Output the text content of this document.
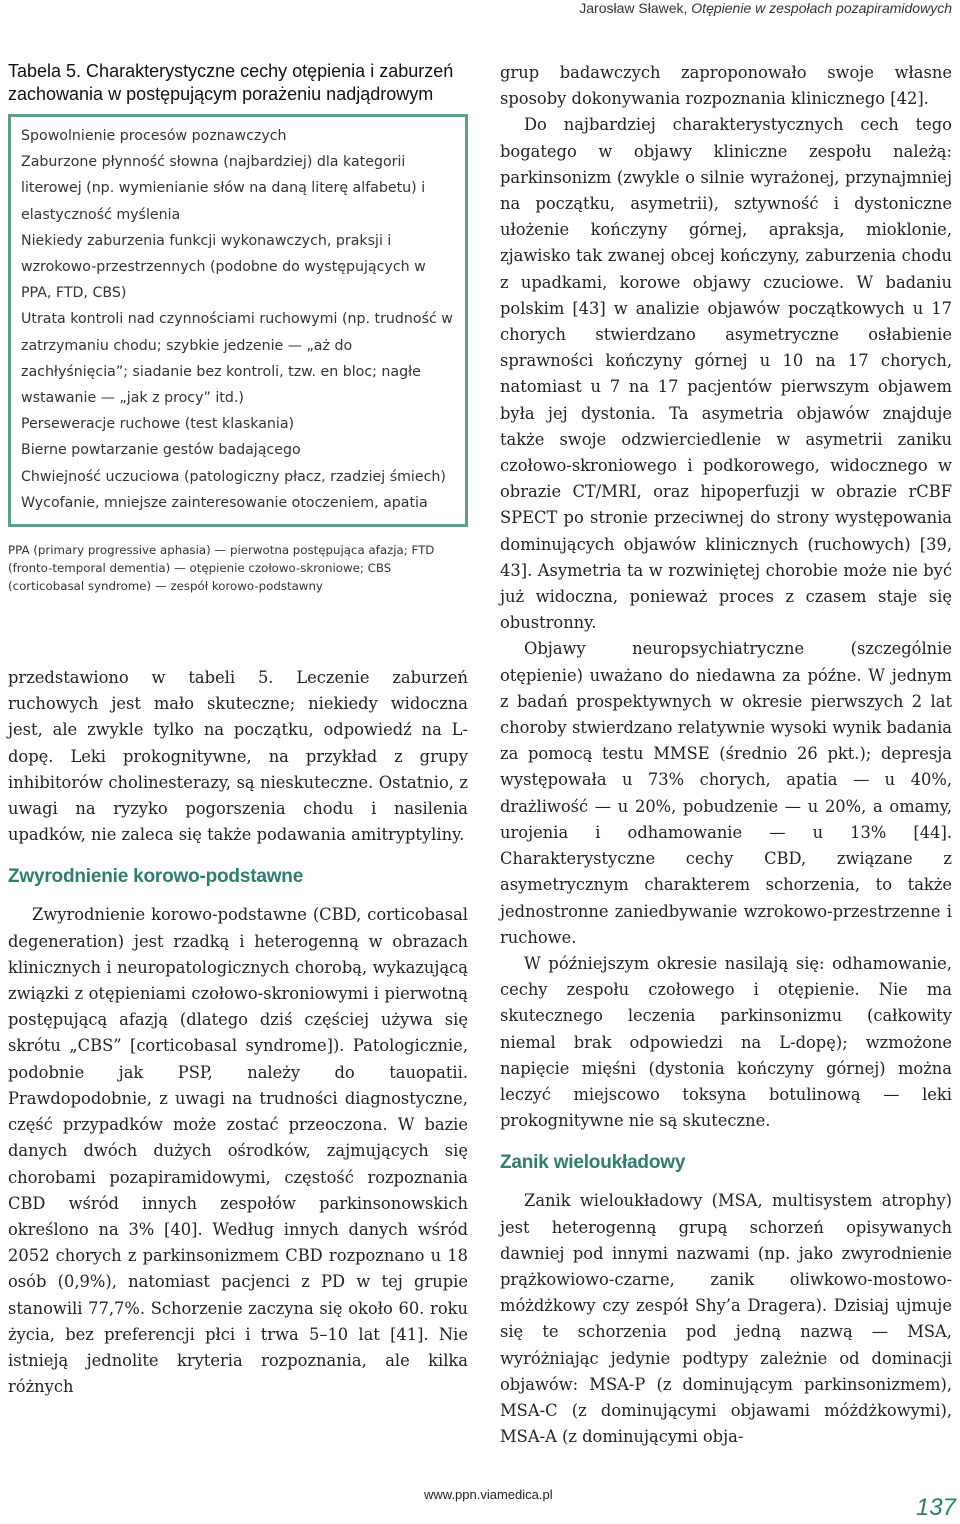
Jarosław Sławek, Otępienie w zespołach pozapiramidowych

Tabela 5. Charakterystyczne cechy otępienia i zaburzeń zachowania w postępującym porażeniu nadjądrowym

Spowolnienie procesów poznawczych
Zaburzone płynność słowna (najbardziej) dla kategorii literowej (np. wymienianie słów na daną literę alfabetu) i elastyczność myślenia
Niekiedy zaburzenia funkcji wykonawczych, praksji i wzrokowo-przestrzennych (podobne do występujących w PPA, FTD, CBS)
Utrata kontroli nad czynnościami ruchowymi (np. trudność w zatrzymaniu chodu; szybkie jedzenie — „aż do zachłyśnięcia”; siadanie bez kontroli, tzw. en bloc; nagłe wstawanie — „jak z procy” itd.)
Perseweracje ruchowe (test klaskania)
Bierne powtarzanie gestów badającego
Chwiejność uczuciowa (patologiczny płacz, rzadziej śmiech)
Wycofanie, mniejsze zainteresowanie otoczeniem, apatia
PPA (primary progressive aphasia) — pierwotna postępująca afazja; FTD (fronto-temporal dementia) — otępienie czołowo-skroniowe; CBS (corticobasal syndrome) — zespół korowo-podstawny

przedstawiono w tabeli 5. Leczenie zaburzeń ruchowych jest mało skuteczne; niekiedy widoczna jest, ale zwykle tylko na początku, odpowiedź na L-dopę. Leki prokognitywne, na przykład z grupy inhibitorów cholinesterazy, są nieskuteczne. Ostatnio, z uwagi na ryzyko pogorszenia chodu i nasilenia upadków, nie zaleca się także podawania amitryptyliny.

Zwyrodnienie korowo-podstawne

Zwyrodnienie korowo-podstawne (CBD, corticobasal degeneration) jest rzadką i heterogenną w obrazach klinicznych i neuropatologicznych chorobą, wykazującą związki z otępieniami czołowo-skroniowymi i pierwotną postępującą afazją (dlatego dziś częściej używa się skrótu „CBS” [corticobasal syndrome]). Patologicznie, podobnie jak PSP, należy do tauopatii. Prawdopodobnie, z uwagi na trudności diagnostyczne, część przypadków może zostać przeoczona. W bazie danych dwóch dużych ośrodków, zajmujących się chorobami pozapiramidowymi, częstość rozpoznania CBD wśród innych zespołów parkinsonowskich określono na 3% [40]. Według innych danych wśród 2052 chorych z parkinsonizmem CBD rozpoznano u 18 osób (0,9%), natomiast pacjenci z PD w tej grupie stanowili 77,7%. Schorzenie zaczyna się około 60. roku życia, bez preferencji płci i trwa 5–10 lat [41]. Nie istnieją jednolite kryteria rozpoznania, ale kilka różnych

grup badawczych zaproponowało swoje własne sposoby dokonywania rozpoznania klinicznego [42].

Do najbardziej charakterystycznych cech tego bogatego w objawy kliniczne zespołu należą: parkinsonizm (zwykle o silnie wyrażonej, przynajmniej na początku, asymetrii), sztywność i dystoniczne ułożenie kończyny górnej, apraksja, mioklonie, zjawisko tak zwanej obcej kończyny, zaburzenia chodu z upadkami, korowe objawy czuciowe. W badaniu polskim [43] w analizie objawów początkowych u 17 chorych stwierdzano asymetryczne osłabienie sprawności kończyny górnej u 10 na 17 chorych, natomiast u 7 na 17 pacjentów pierwszym objawem była jej dystonia. Ta asymetria objawów znajduje także swoje odzwierciedlenie w asymetrii zaniku czołowo-skroniowego i podkorowego, widocznego w obrazie CT/MRI, oraz hipoperfuzji w obrazie rCBF SPECT po stronie przeciwnej do strony występowania dominujących objawów klinicznych (ruchowych) [39, 43]. Asymetria ta w rozwiniętej chorobie może nie być już widoczna, ponieważ proces z czasem staje się obustronny.

Objawy neuropsychiatryczne (szczególnie otępienie) uważano do niedawna za późne. W jednym z badań prospektywnych w okresie pierwszych 2 lat choroby stwierdzano relatywnie wysoki wynik badania za pomocą testu MMSE (średnio 26 pkt.); depresja występowała u 73% chorych, apatia — u 40%, drażliwość — u 20%, pobudzenie — u 20%, a omamy, urojenia i odhamowanie — u 13% [44]. Charakterystyczne cechy CBD, związane z asymetrycznym charakterem schorzenia, to także jednostronne zaniedbywanie wzrokowo-przestrzenne i ruchowe.

W późniejszym okresie nasilają się: odhamowanie, cechy zespołu czołowego i otępienie. Nie ma skutecznego leczenia parkinsonizmu (całkowity niemal brak odpowiedzi na L-dopę); wzmożone napięcie mięśni (dystonia kończyny górnej) można leczyć miejscowo toksyna botulinową — leki prokognitywne nie są skuteczne.

Zanik wieloukładowy

Zanik wieloukładowy (MSA, multisystem atrophy) jest heterogenną grupą schorzeń opisywanych dawniej pod innymi nazwami (np. jako zwyrodnienie prążkowiowo-czarne, zanik oliwkowo-mostowo-móżdżkowy czy zespół Shy’a Dragera). Dzisiaj ujmuje się te schorzenia pod jedną nazwą — MSA, wyróżniając jedynie podtypy zależnie od dominacji objawów: MSA-P (z dominującym parkinsonizmem), MSA-C (z dominującymi objawami móżdżkowymi), MSA-A (z dominującymi obja-

www.ppn.viamedica.pl	137
